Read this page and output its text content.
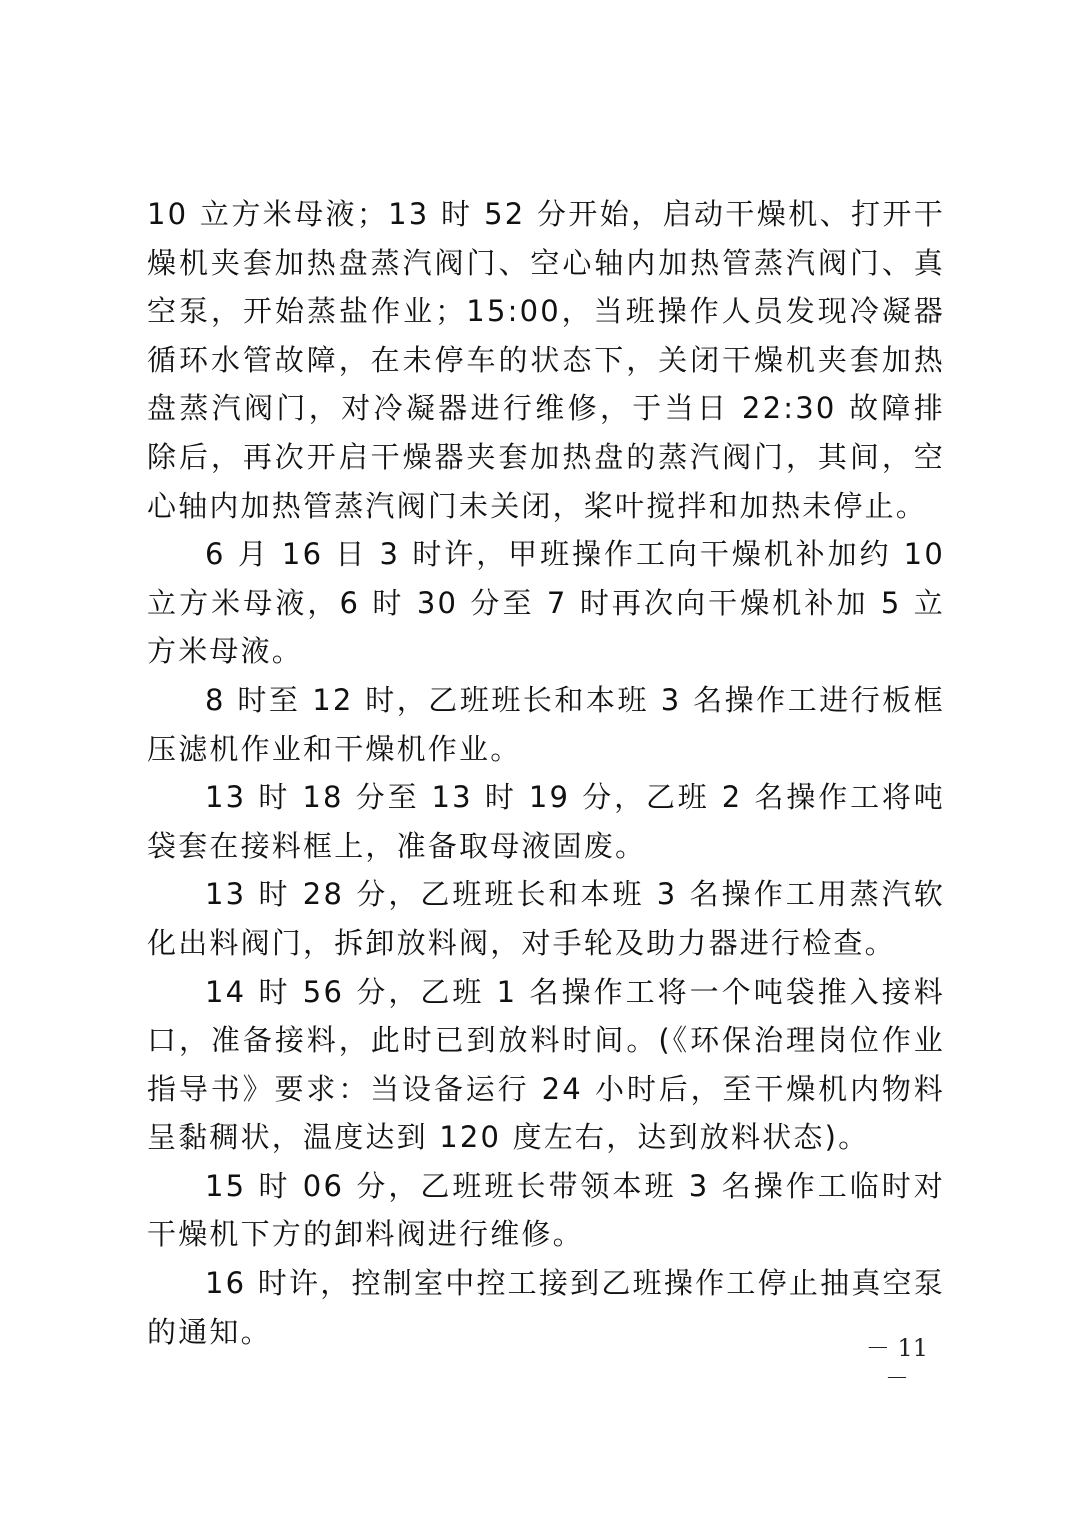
10 立方米母液；13 时 52 分开始，启动干燥机、打开干燥机夹套加热盘蒸汽阀门、空心轴内加热管蒸汽阀门、真空泵，开始蒸盐作业；15:00，当班操作人员发现冷凝器循环水管故障，在未停车的状态下，关闭干燥机夹套加热盘蒸汽阀门，对冷凝器进行维修，于当日 22:30 故障排除后，再次开启干燥器夹套加热盘的蒸汽阀门，其间，空心轴内加热管蒸汽阀门未关闭，桨叶搅拌和加热未停止。

6 月 16 日 3 时许，甲班操作工向干燥机补加约 10 立方米母液，6 时 30 分至 7 时再次向干燥机补加 5 立方米母液。

8 时至 12 时，乙班班长和本班 3 名操作工进行板框压滤机作业和干燥机作业。

13 时 18 分至 13 时 19 分，乙班 2 名操作工将吨袋套在接料框上，准备取母液固废。

13 时 28 分，乙班班长和本班 3 名操作工用蒸汽软化出料阀门，拆卸放料阀，对手轮及助力器进行检查。

14 时 56 分，乙班 1 名操作工将一个吨袋推入接料口，准备接料，此时已到放料时间。(《环保治理岗位作业指导书》要求：当设备运行 24 小时后，至干燥机内物料呈黏稠状，温度达到 120 度左右，达到放料状态)。

15 时 06 分，乙班班长带领本班 3 名操作工临时对干燥机下方的卸料阀进行维修。

16 时许，控制室中控工接到乙班操作工停止抽真空泵的通知。	－ 11 －
